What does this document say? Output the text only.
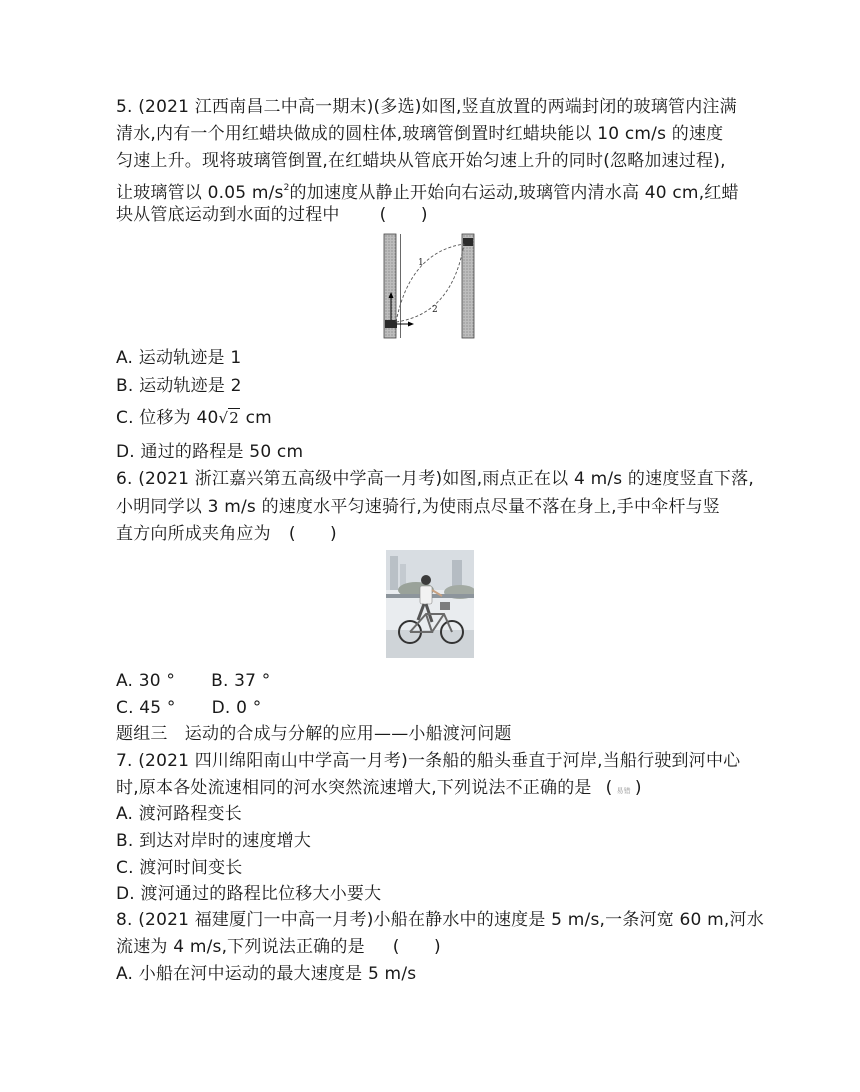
5. (2021 江西南昌二中高一期末)(多选)如图,竖直放置的两端封闭的玻璃管内注满
清水,内有一个用红蜡块做成的圆柱体,玻璃管倒置时红蜡块能以 10 cm/s 的速度
匀速上升。现将玻璃管倒置,在红蜡块从管底开始匀速上升的同时(忽略加速过程),
让玻璃管以 0.05 $m/s^2$的加速度从静止开始向右运动,玻璃管内清水高 40 cm,红蜡
块从管底运动到水面的过程中 (　　)
1
2
A. 运动轨迹是 1
B. 运动轨迹是 2
C. 位移为 40√2 cm
D. 通过的路程是 50 cm
6. (2021 浙江嘉兴第五高级中学高一月考)如图,雨点正在以 4 m/s 的速度竖直下落,
小明同学以 3 m/s 的速度水平匀速骑行,为使雨点尽量不落在身上,手中伞杆与竖
直方向所成夹角应为 (　　)
A. 30 ° B. 37 °
C. 45 ° D. 0 °
题组三　运动的合成与分解的应用——小船渡河问题
7. (2021 四川绵阳南山中学高一月考)一条船的船头垂直于河岸,当船行驶到河中心
时,原本各处流速相同的河水突然流速增大,下列说法不正确的是 ( 易错 )
A. 渡河路程变长
B. 到达对岸时的速度增大
C. 渡河时间变长
D. 渡河通过的路程比位移大小要大
8. (2021 福建厦门一中高一月考)小船在静水中的速度是 5 m/s,一条河宽 60 m,河水
流速为 4 m/s,下列说法正确的是 (　　)
A. 小船在河中运动的最大速度是 5 m/s
